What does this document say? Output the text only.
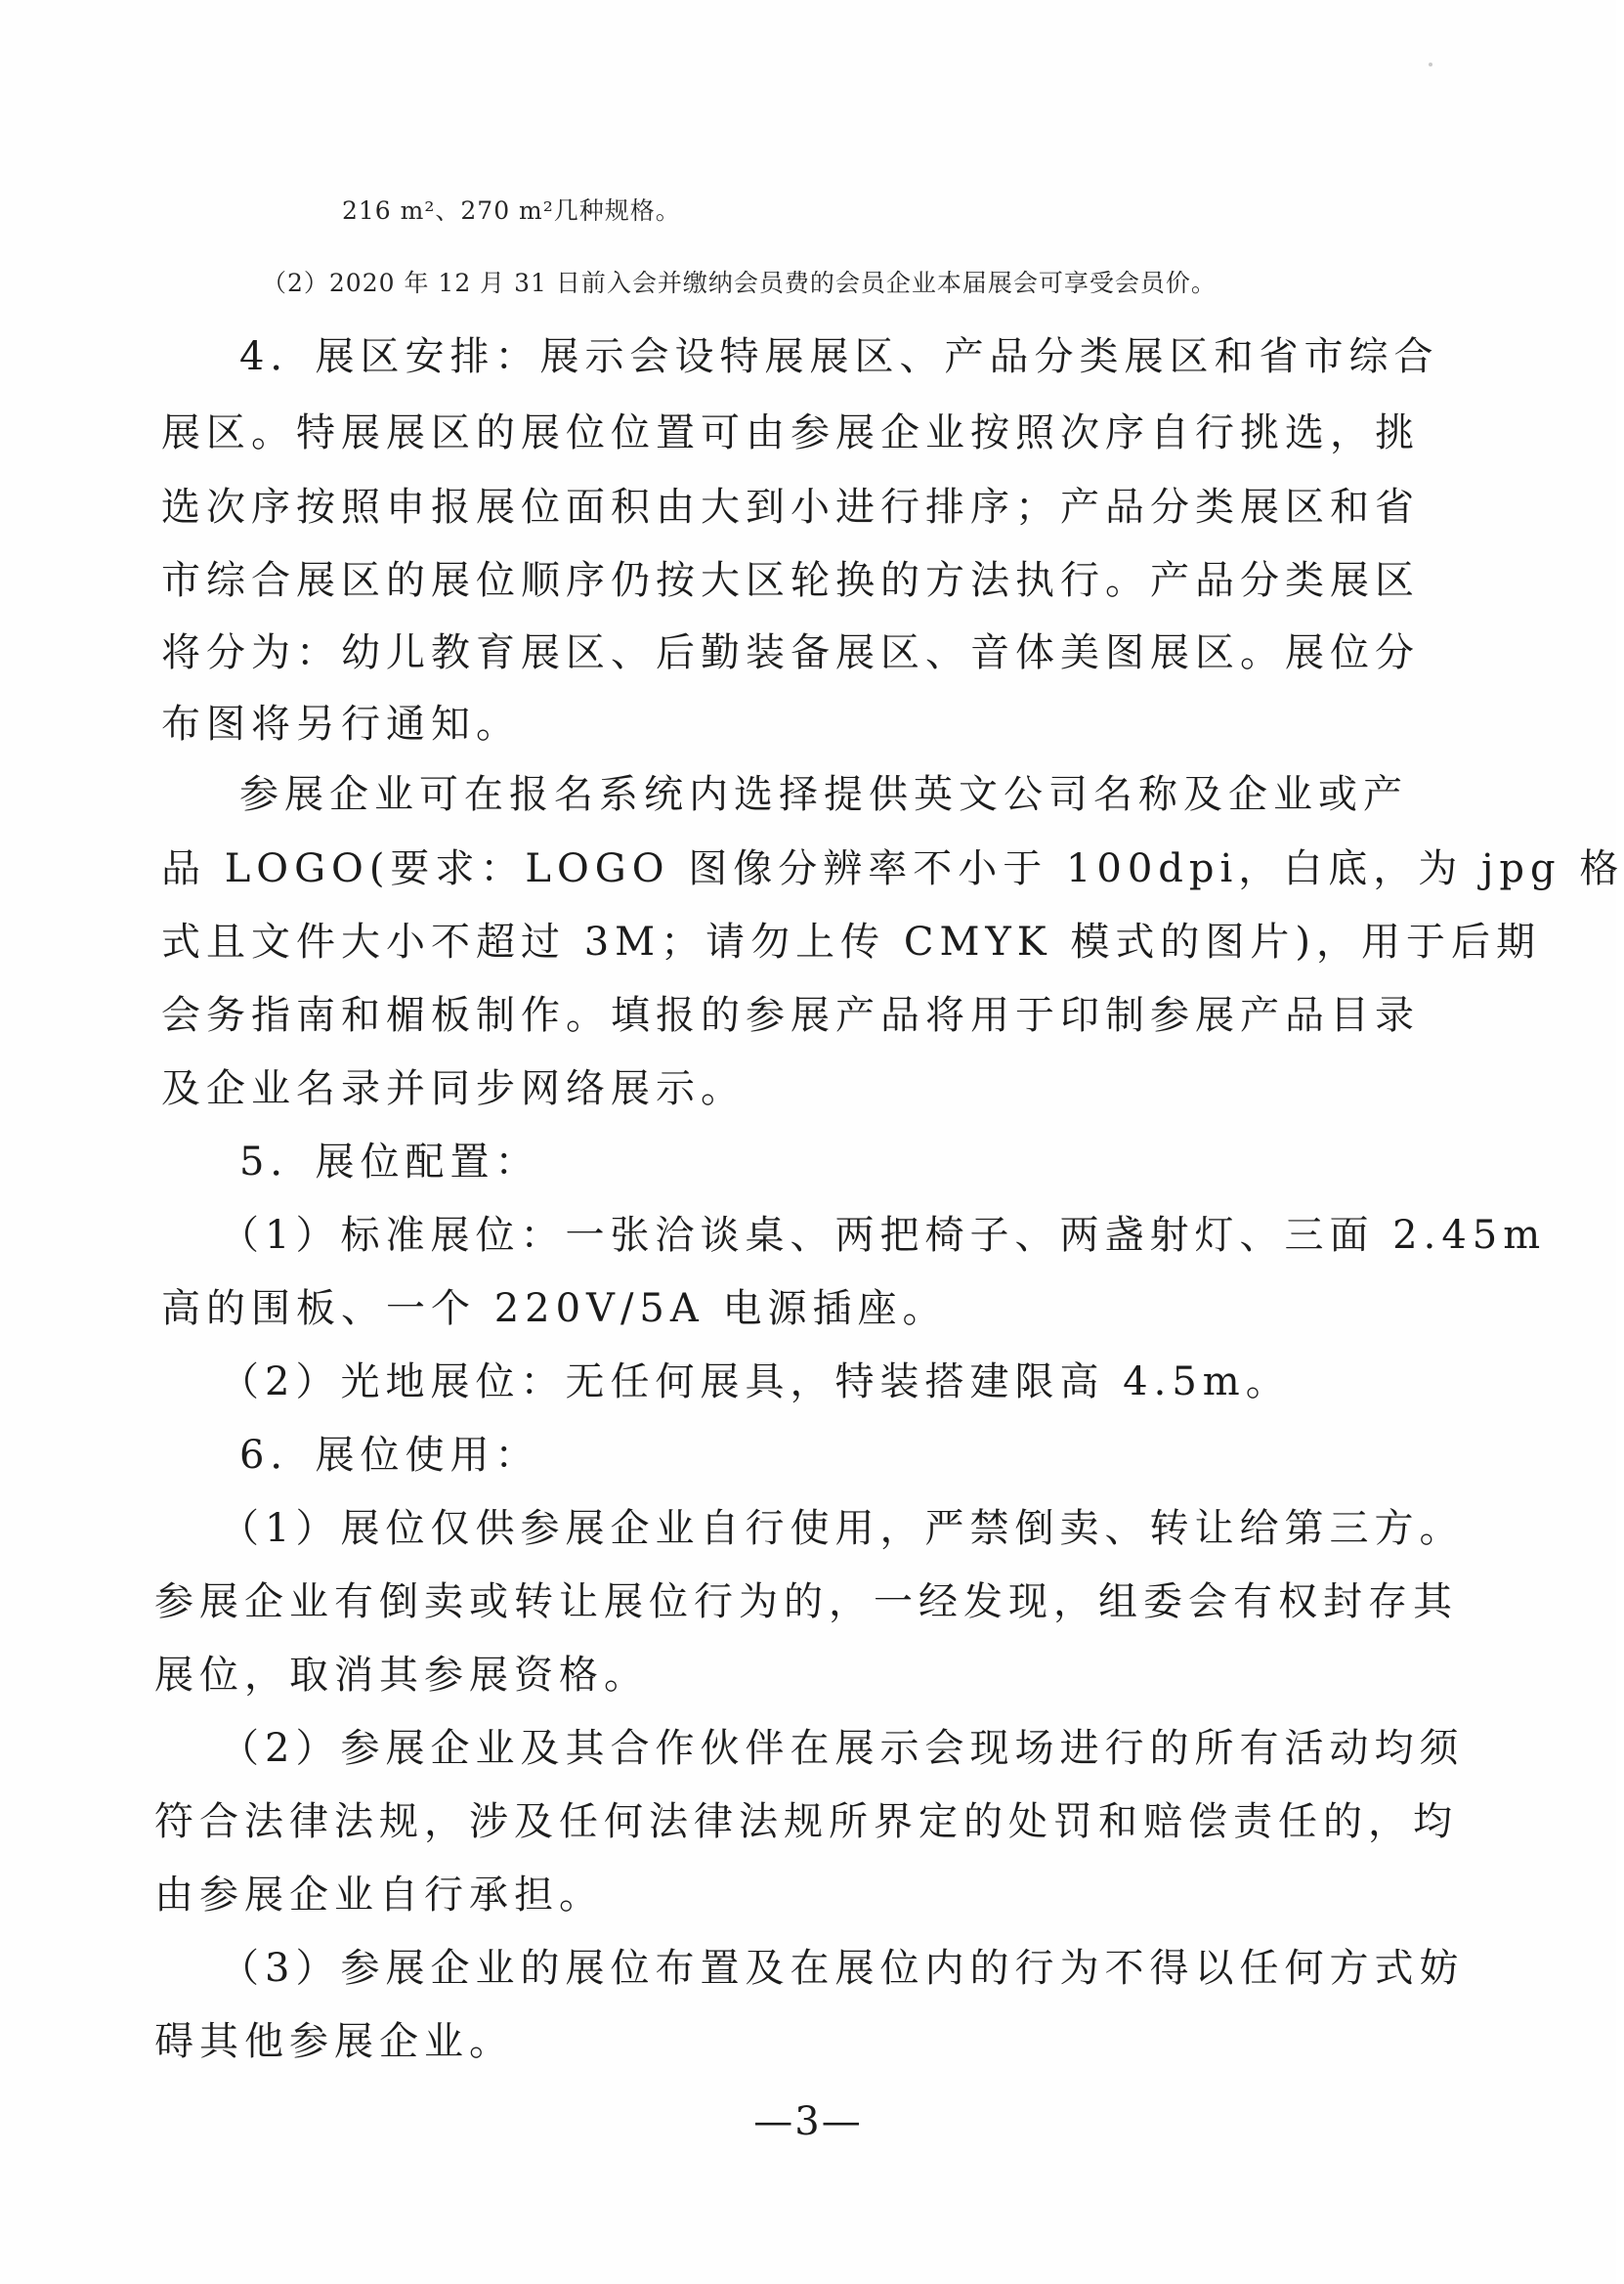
216 m²、270 m²几种规格。
（2）2020 年 12 月 31 日前入会并缴纳会员费的会员企业本届展会可享受会员价。
4．展区安排：展示会设特展展区、产品分类展区和省市综合
展区。特展展区的展位位置可由参展企业按照次序自行挑选，挑
选次序按照申报展位面积由大到小进行排序；产品分类展区和省
市综合展区的展位顺序仍按大区轮换的方法执行。产品分类展区
将分为：幼儿教育展区、后勤装备展区、音体美图展区。展位分
布图将另行通知。
参展企业可在报名系统内选择提供英文公司名称及企业或产
品 LOGO(要求：LOGO 图像分辨率不小于 100dpi，白底，为 jpg 格
式且文件大小不超过 3M；请勿上传 CMYK 模式的图片)，用于后期
会务指南和楣板制作。填报的参展产品将用于印制参展产品目录
及企业名录并同步网络展示。
5．展位配置：
（1）标准展位：一张洽谈桌、两把椅子、两盏射灯、三面 2.45m
高的围板、一个 220V/5A 电源插座。
（2）光地展位：无任何展具，特装搭建限高 4.5m。
6．展位使用：
（1）展位仅供参展企业自行使用，严禁倒卖、转让给第三方。
参展企业有倒卖或转让展位行为的，一经发现，组委会有权封存其
展位，取消其参展资格。
（2）参展企业及其合作伙伴在展示会现场进行的所有活动均须
符合法律法规，涉及任何法律法规所界定的处罚和赔偿责任的，均
由参展企业自行承担。
（3）参展企业的展位布置及在展位内的行为不得以任何方式妨
碍其他参展企业。
—3—
